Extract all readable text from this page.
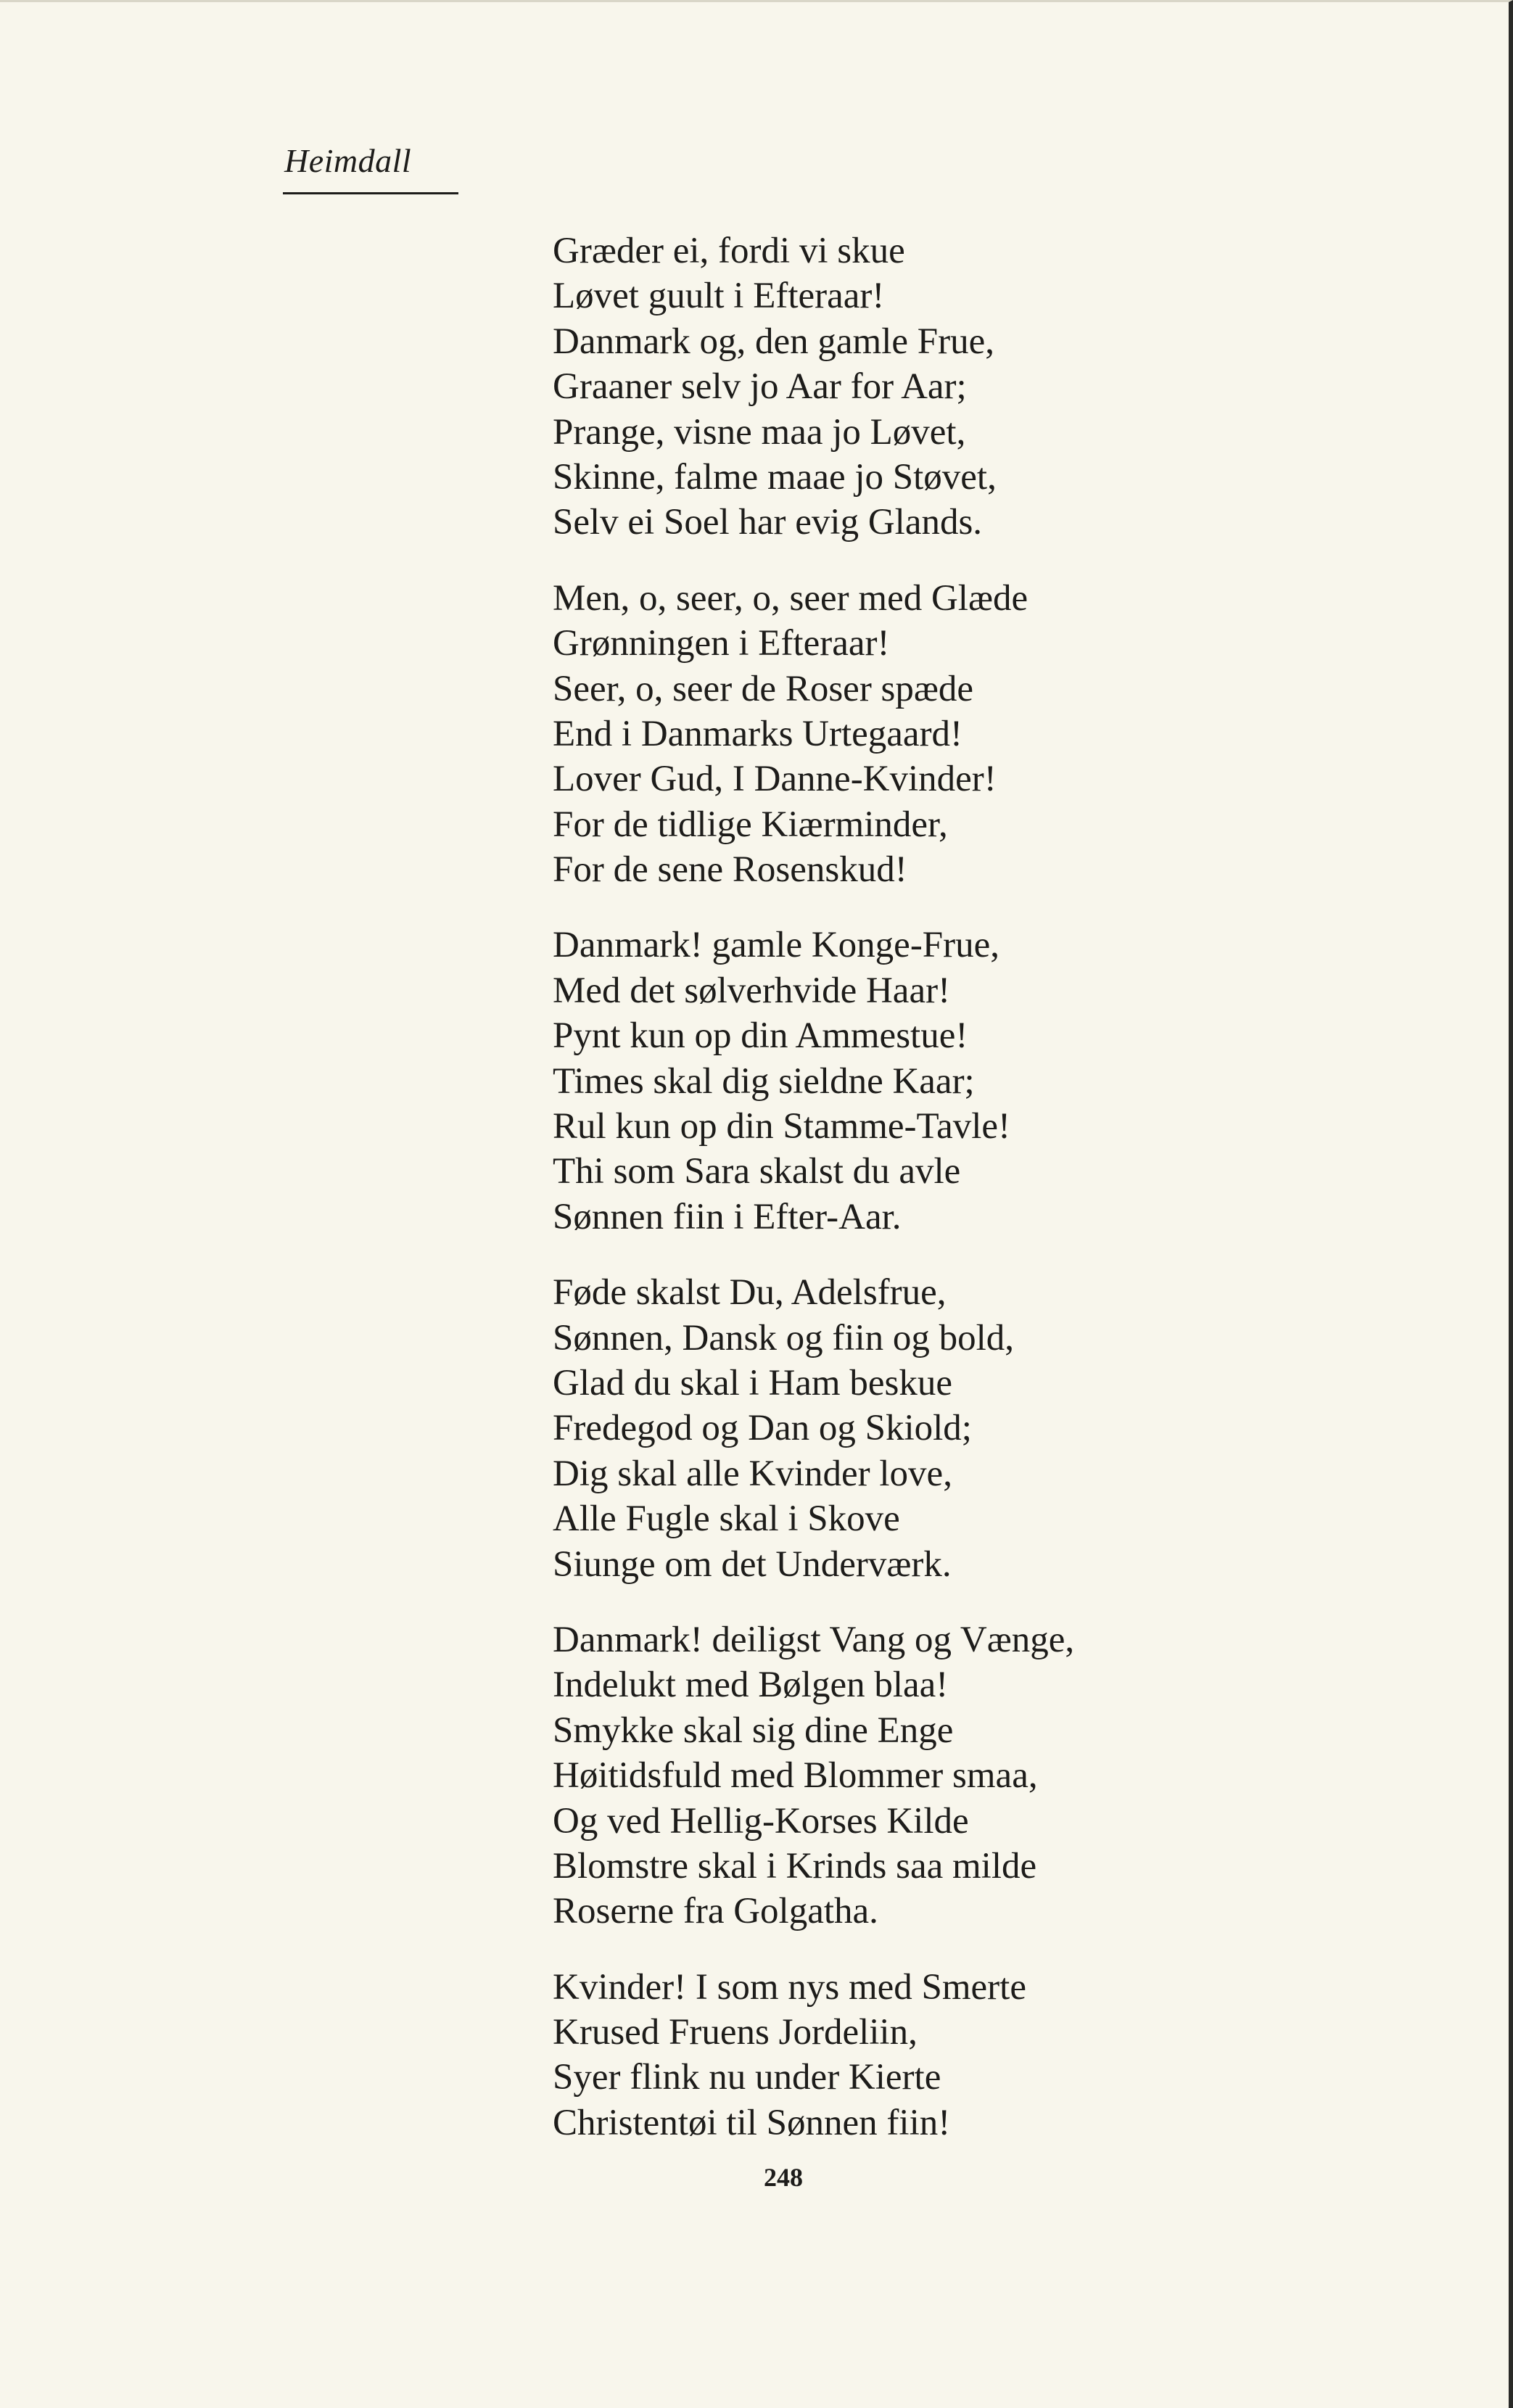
Heimdall
Græder ei, fordi vi skue
Løvet guult i Efteraar!
Danmark og, den gamle Frue,
Graaner selv jo Aar for Aar;
Prange, visne maa jo Løvet,
Skinne, falme maae jo Støvet,
Selv ei Soel har evig Glands.
Men, o, seer, o, seer med Glæde
Grønningen i Efteraar!
Seer, o, seer de Roser spæde
End i Danmarks Urtegaard!
Lover Gud, I Danne-Kvinder!
For de tidlige Kiærminder,
For de sene Rosenskud!
Danmark! gamle Konge-Frue,
Med det sølverhvide Haar!
Pynt kun op din Ammestue!
Times skal dig sieldne Kaar;
Rul kun op din Stamme-Tavle!
Thi som Sara skalst du avle
Sønnen fiin i Efter-Aar.
Føde skalst Du, Adelsfrue,
Sønnen, Dansk og fiin og bold,
Glad du skal i Ham beskue
Fredegod og Dan og Skiold;
Dig skal alle Kvinder love,
Alle Fugle skal i Skove
Siunge om det Underværk.
Danmark! deiligst Vang og Vænge,
Indelukt med Bølgen blaa!
Smykke skal sig dine Enge
Høitidsfuld med Blommer smaa,
Og ved Hellig-Korses Kilde
Blomstre skal i Krinds saa milde
Roserne fra Golgatha.
Kvinder! I som nys med Smerte
Krused Fruens Jordeliin,
Syer flink nu under Kierte
Christentøi til Sønnen fiin!
248
